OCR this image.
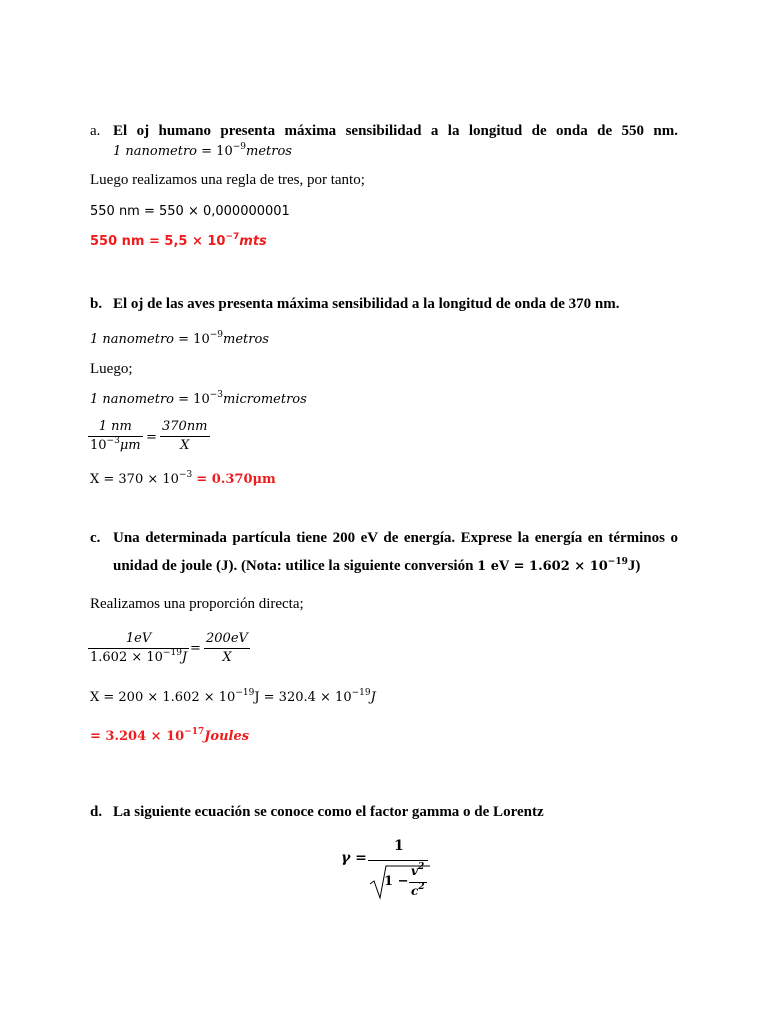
a. El oj humano presenta máxima sensibilidad a la longitud de onda de 550 nm.
1 nanometro = $10^{-9}metros$
Luego realizamos una regla de tres, por tanto;
550 nm = 550 × 0,000000001
550 nm = $5,5 \times 10^{-7}mts$
b. El oj de las aves presenta máxima sensibilidad a la longitud de onda de 370 nm.
1 nanometro = $10^{-9}metros$
Luego;
1 nanometro = $10^{-3}micrometros$
1 nm
$10^{-3}\mu m$
=
370nm
X
$X = 370 \times 10^{-3} = 0.370\mu m$
c. Una determinada partícula tiene 200 eV de energía. Exprese la energía en términos o
unidad de joule (J). (Nota: utilice la siguiente conversión 1 eV = $1.602 \times 10^{-19}J$)
Realizamos una proporción directa;
1eV
$1.602 \times 10^{-19}J$
=
200eV
X
$X = 200 \times 1.602 \times 10^{-19}J = 320.4 \times 10^{-19}J$
= $3.204 \times 10^{-17}Joules$
d. La siguiente ecuación se conoce como el factor gamma o de Lorentz
γ =
1
1 −
$v^2$
$c^2$
